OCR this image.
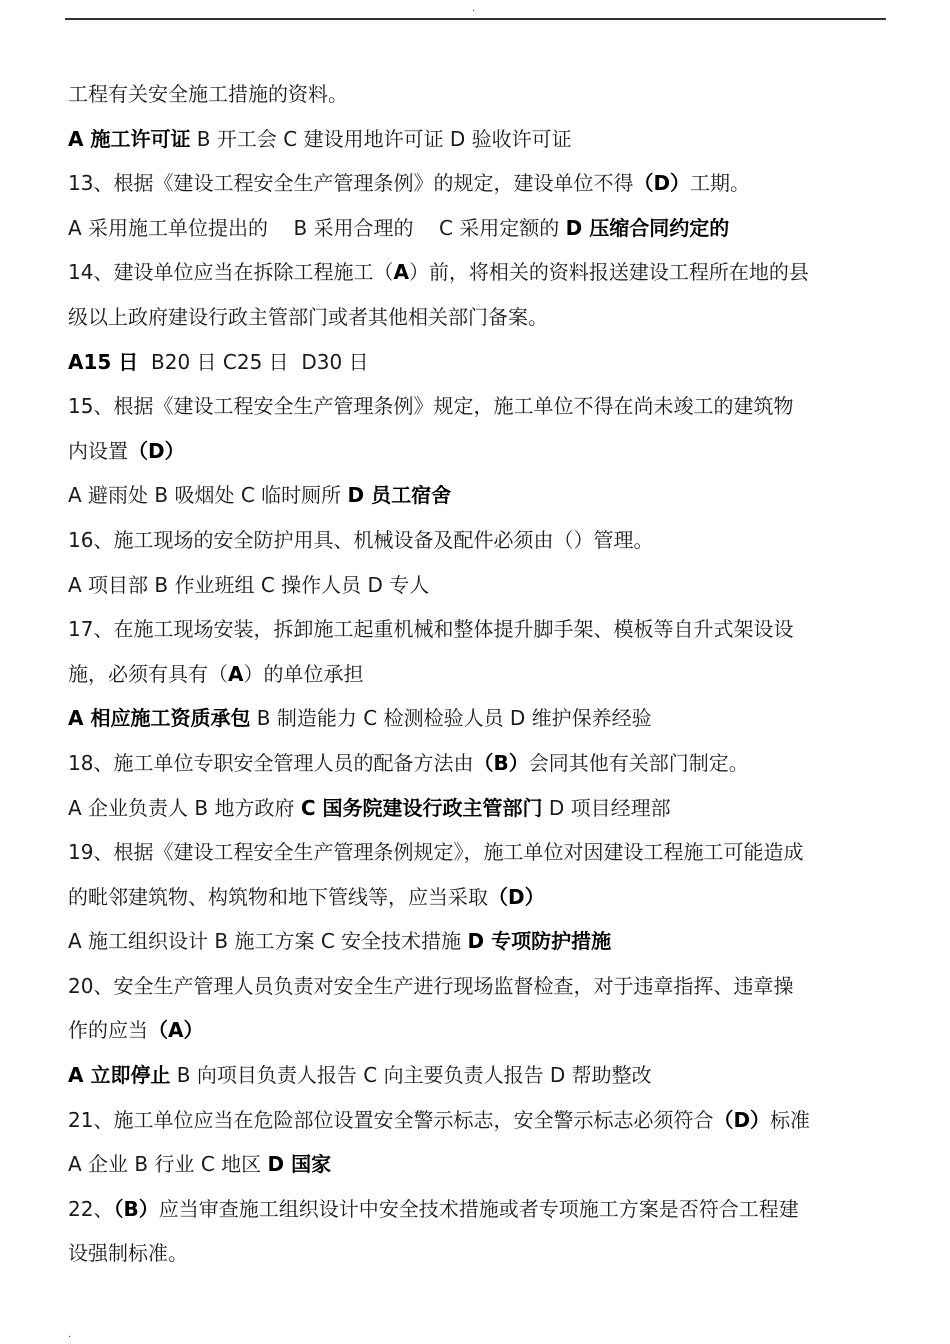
.
工程有关安全施工措施的资料。
A 施工许可证 B 开工会 C 建设用地许可证 D 验收许可证
13、根据《建设工程安全生产管理条例》的规定，建设单位不得（D）工期。
A 采用施工单位提出的    B 采用合理的    C 采用定额的 D 压缩合同约定的
14、建设单位应当在拆除工程施工（A）前，将相关的资料报送建设工程所在地的县
级以上政府建设行政主管部门或者其他相关部门备案。
A15 日  B20 日 C25 日  D30 日
15、根据《建设工程安全生产管理条例》规定，施工单位不得在尚未竣工的建筑物
内设置（D）
A 避雨处 B 吸烟处 C 临时厕所 D 员工宿舍
16、施工现场的安全防护用具、机械设备及配件必须由（）管理。
A 项目部 B 作业班组 C 操作人员 D 专人
17、在施工现场安装，拆卸施工起重机械和整体提升脚手架、模板等自升式架设设
施，必须有具有（A）的单位承担
A 相应施工资质承包 B 制造能力 C 检测检验人员 D 维护保养经验
18、施工单位专职安全管理人员的配备方法由（B）会同其他有关部门制定。
A 企业负责人 B 地方政府 C 国务院建设行政主管部门 D 项目经理部
19、根据《建设工程安全生产管理条例规定》，施工单位对因建设工程施工可能造成
的毗邻建筑物、构筑物和地下管线等，应当采取（D）
A 施工组织设计 B 施工方案 C 安全技术措施 D 专项防护措施
20、安全生产管理人员负责对安全生产进行现场监督检查，对于违章指挥、违章操
作的应当（A）
A 立即停止 B 向项目负责人报告 C 向主要负责人报告 D 帮助整改
21、施工单位应当在危险部位设置安全警示标志，安全警示标志必须符合（D）标准
A 企业 B 行业 C 地区 D 国家
22、（B）应当审查施工组织设计中安全技术措施或者专项施工方案是否符合工程建
设强制标准。
.
